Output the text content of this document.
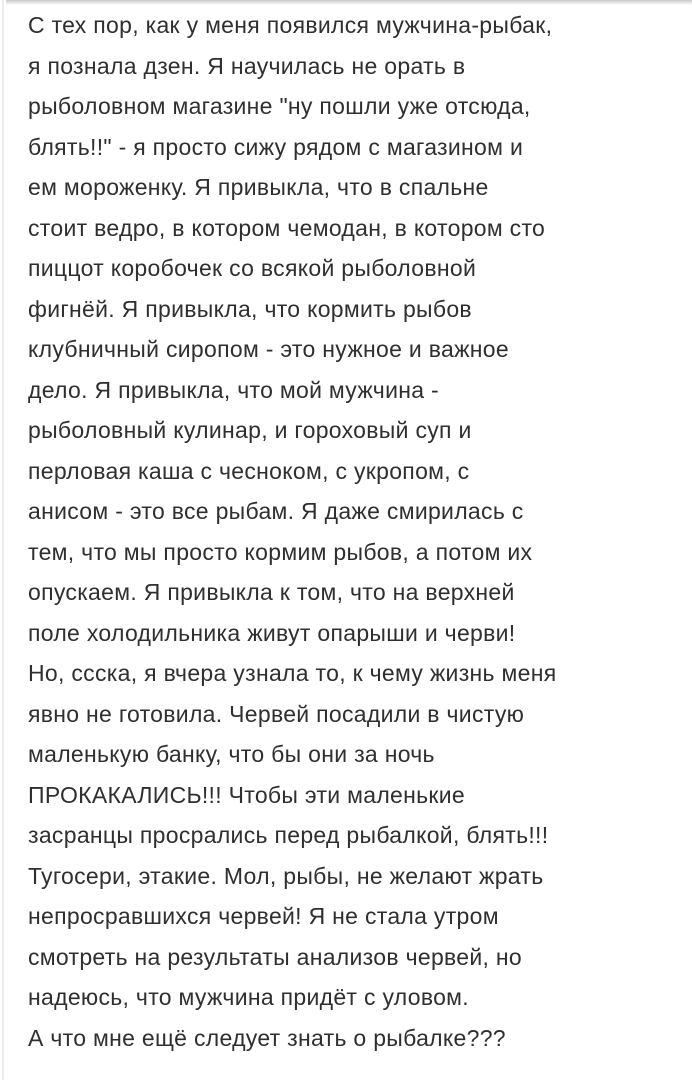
С тех пор, как у меня появился мужчина-рыбак,

я познала дзен. Я научилась не орать в

рыболовном магазине "ну пошли уже отсюда,

блять!!" - я просто сижу рядом с магазином и

ем мороженку. Я привыкла, что в спальне

стоит ведро, в котором чемодан, в котором сто

пиццот коробочек со всякой рыболовной

фигнёй. Я привыкла, что кормить рыбов

клубничный сиропом - это нужное и важное

дело. Я привыкла, что мой мужчина -

рыболовный кулинар, и гороховый суп и

перловая каша с чесноком, с укропом, с

анисом - это все рыбам. Я даже смирилась с

тем, что мы просто кормим рыбов, а потом их

опускаем. Я привыкла к том, что на верхней

поле холодильника живут опарыши и черви!

Но, ссска, я вчера узнала то, к чему жизнь меня

явно не готовила. Червей посадили в чистую

маленькую банку, что бы они за ночь

ПРОКАКАЛИСЬ!!! Чтобы эти маленькие

засранцы просрались перед рыбалкой, блять!!!

Тугосери, этакие. Мол, рыбы, не желают жрать

непросравшихся червей! Я не стала утром

смотреть на результаты анализов червей, но

надеюсь, что мужчина придёт с уловом.

А что мне ещё следует знать о рыбалке???
